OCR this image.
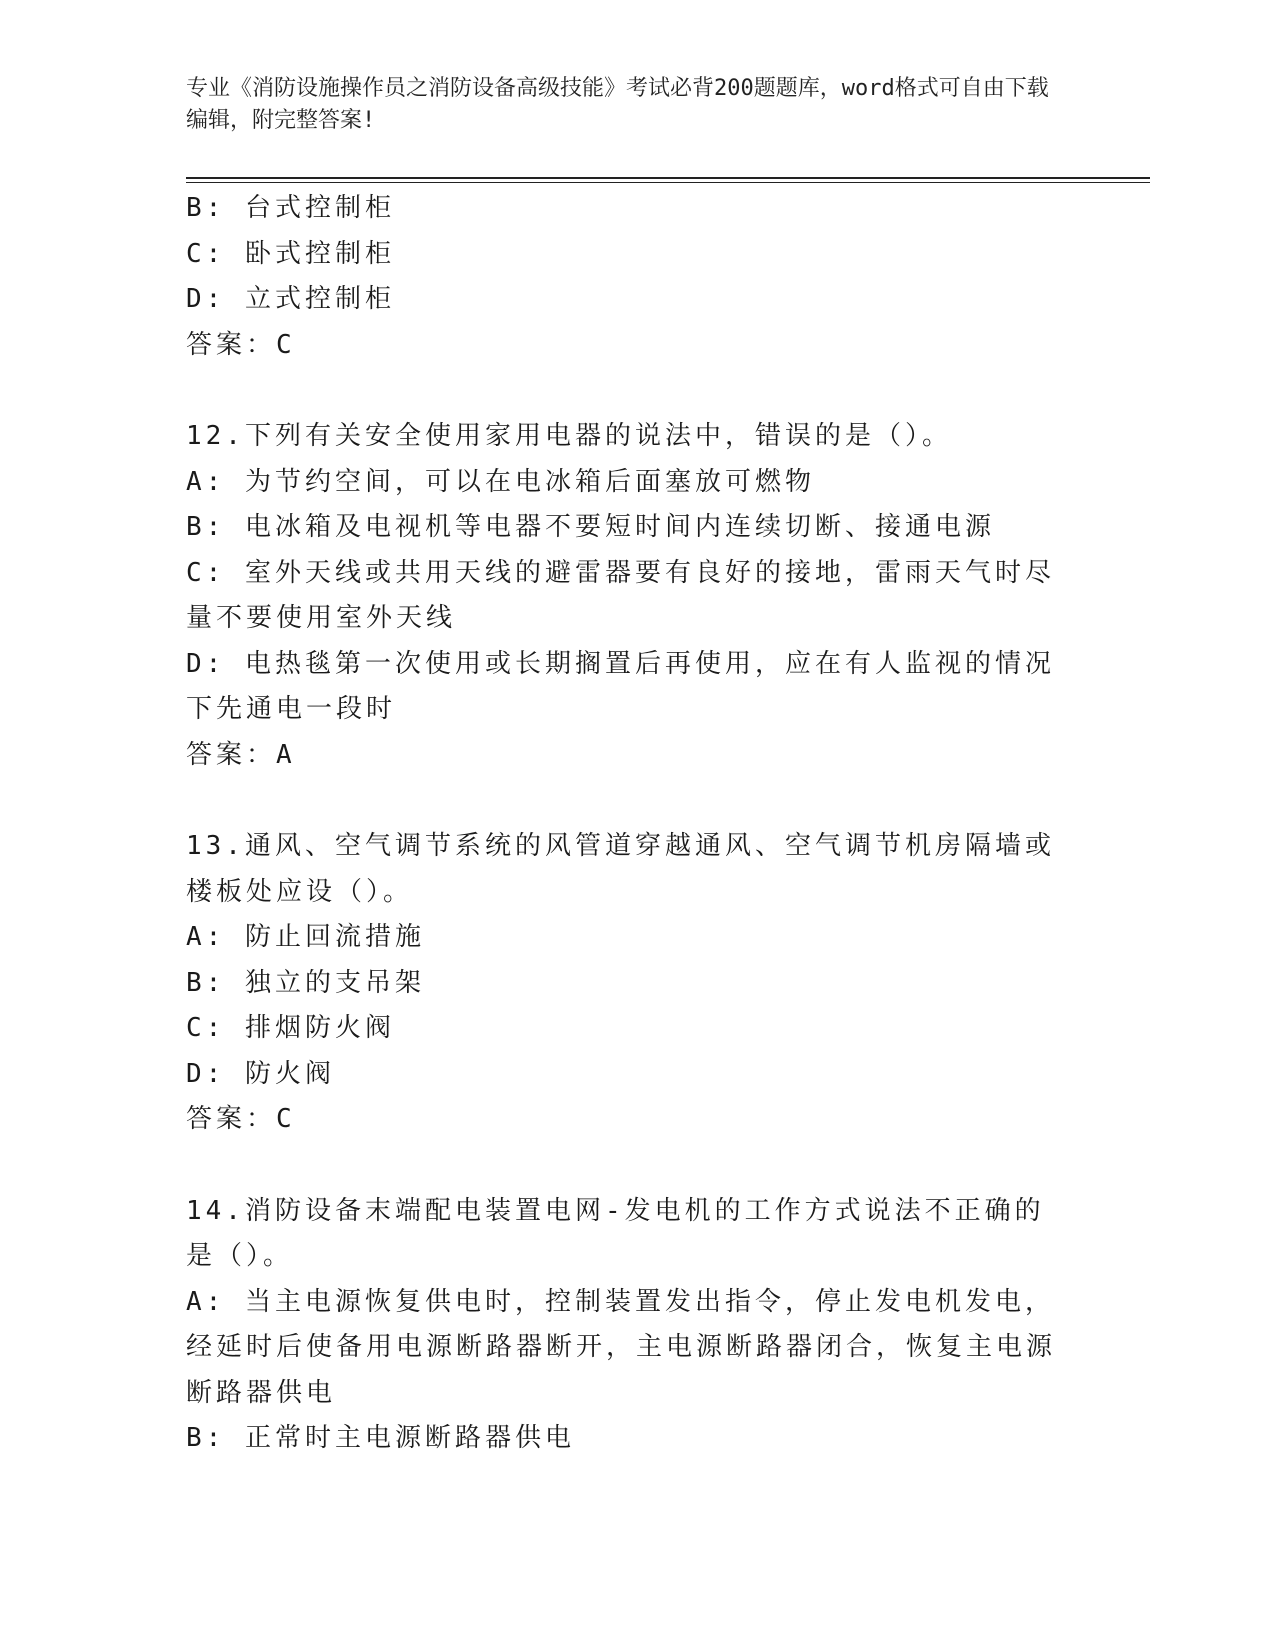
专业《消防设施操作员之消防设备高级技能》考试必背200题题库，word格式可自由下载编辑，附完整答案!
B: 台式控制柜
C: 卧式控制柜
D: 立式控制柜
答案：C
12.下列有关安全使用家用电器的说法中，错误的是（）。
A: 为节约空间，可以在电冰箱后面塞放可燃物
B: 电冰箱及电视机等电器不要短时间内连续切断、接通电源
C: 室外天线或共用天线的避雷器要有良好的接地，雷雨天气时尽量不要使用室外天线
D: 电热毯第一次使用或长期搁置后再使用，应在有人监视的情况下先通电一段时
答案：A
13.通风、空气调节系统的风管道穿越通风、空气调节机房隔墙或楼板处应设（）。
A: 防止回流措施
B: 独立的支吊架
C: 排烟防火阀
D: 防火阀
答案：C
14.消防设备末端配电装置电网-发电机的工作方式说法不正确的是（）。
A: 当主电源恢复供电时，控制装置发出指令，停止发电机发电，经延时后使备用电源断路器断开，主电源断路器闭合，恢复主电源断路器供电
B: 正常时主电源断路器供电
